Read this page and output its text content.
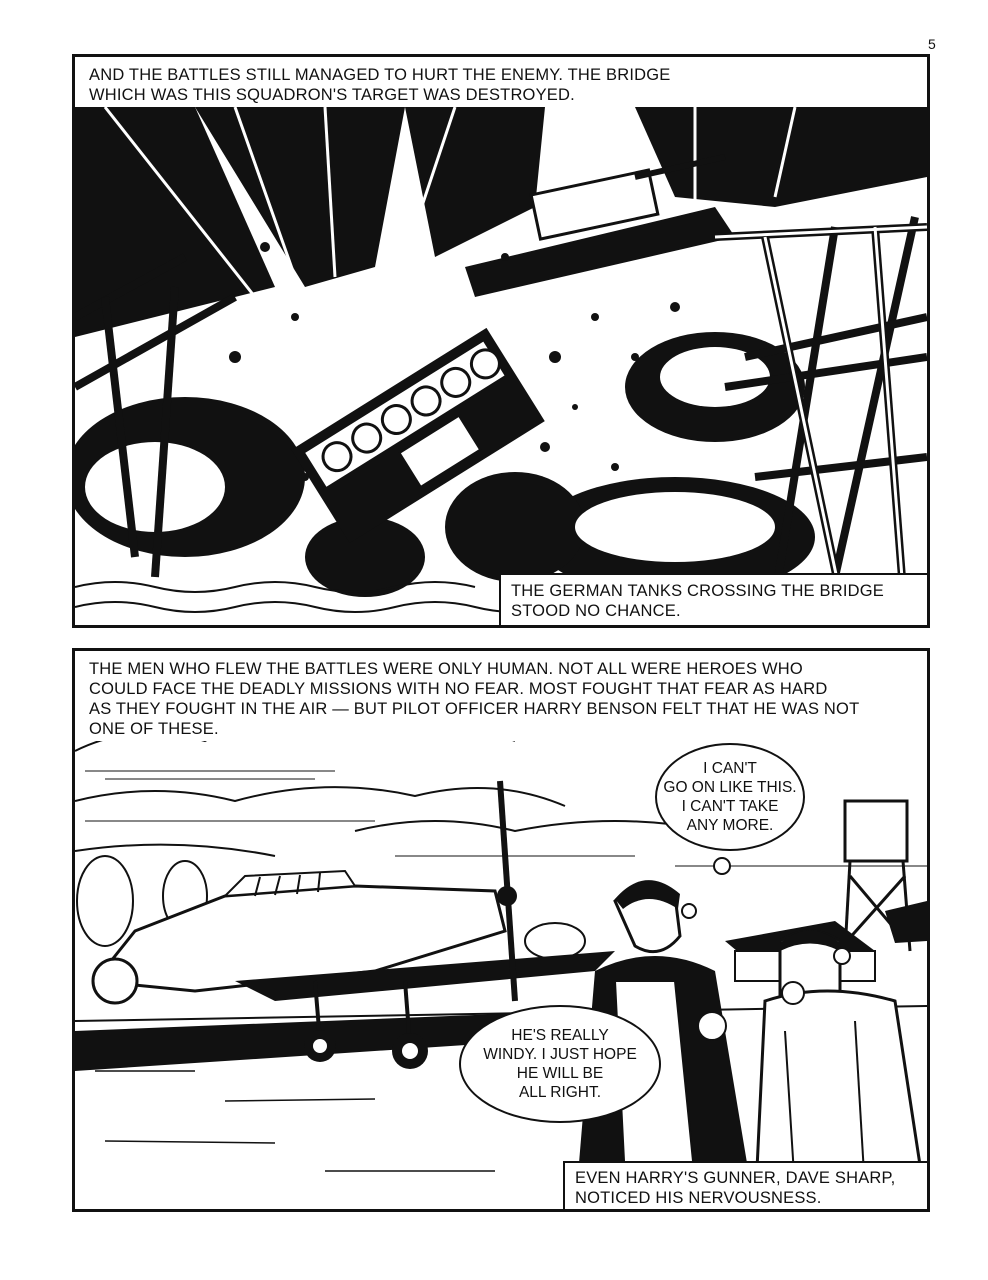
5
AND THE BATTLES STILL MANAGED TO HURT THE ENEMY. THE BRIDGE
WHICH WAS THIS SQUADRON'S TARGET WAS DESTROYED.
THE GERMAN TANKS CROSSING THE BRIDGE
STOOD NO CHANCE.
THE MEN WHO FLEW THE BATTLES WERE ONLY HUMAN. NOT ALL WERE HEROES WHO
COULD FACE THE DEADLY MISSIONS WITH NO FEAR. MOST FOUGHT THAT FEAR AS HARD
AS THEY FOUGHT IN THE AIR — BUT PILOT OFFICER HARRY BENSON FELT THAT HE WAS NOT
ONE OF THESE.
I CAN'T
GO ON LIKE THIS.
I CAN'T TAKE
ANY MORE.
HE'S REALLY
WINDY. I JUST HOPE
HE WILL BE
ALL RIGHT.
EVEN HARRY'S GUNNER, DAVE SHARP,
NOTICED HIS NERVOUSNESS.
